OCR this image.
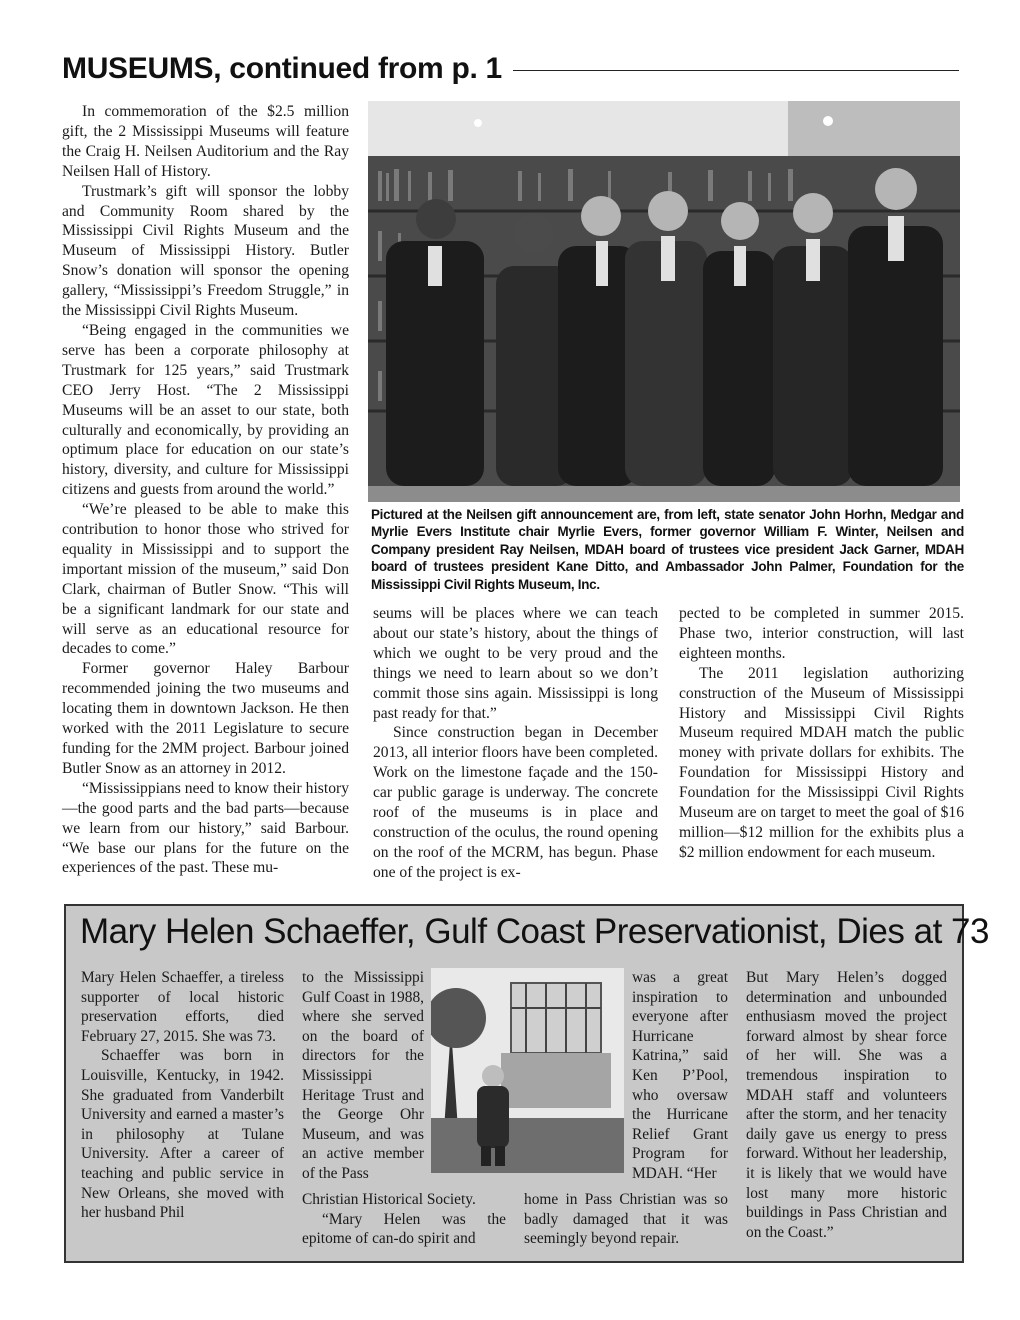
MUSEUMS, continued from p. 1

In commemoration of the $2.5 million gift, the 2 Mississippi Museums will feature the Craig H. Neilsen Auditorium and the Ray Neilsen Hall of History.

Trustmark’s gift will sponsor the lobby and Community Room shared by the Mississippi Civil Rights Museum and the Museum of Mississippi History. Butler Snow’s donation will sponsor the opening gallery, “Mississippi’s Freedom Struggle,” in the Mississippi Civil Rights Museum.

“Being engaged in the communities we serve has been a corporate philosophy at Trustmark for 125 years,” said Trustmark CEO Jerry Host. “The 2 Mississippi Museums will be an asset to our state, both culturally and economically, by providing an optimum place for education on our state’s history, diversity, and culture for Mississippi citizens and guests from around the world.”

“We’re pleased to be able to make this contribution to honor those who strived for equality in Mississippi and to support the important mission of the museum,” said Don Clark, chairman of Butler Snow. “This will be a significant landmark for our state and will serve as an educational resource for decades to come.”

Former governor Haley Barbour recommended joining the two museums and locating them in downtown Jackson. He then worked with the 2011 Legislature to secure funding for the 2MM project. Barbour joined Butler Snow as an attorney in 2012.

“Mississippians need to know their history—the good parts and the bad parts—because we learn from our history,” said Barbour. “We base our plans for the future on the experiences of the past. These mu-

Pictured at the Neilsen gift announcement are, from left, state senator John Horhn, Medgar and Myrlie Evers Institute chair Myrlie Evers, former governor William F. Winter, Neilsen and Company president Ray Neilsen, MDAH board of trustees vice president Jack Garner, MDAH board of trustees president Kane Ditto, and Ambassador John Palmer, Foundation for the Mississippi Civil Rights Museum, Inc.

seums will be places where we can teach about our state’s history, about the things of which we ought to be very proud and the things we need to learn about so we don’t commit those sins again. Mississippi is long past ready for that.”

Since construction began in December 2013, all interior floors have been completed. Work on the limestone façade and the 150-car public garage is underway. The concrete roof of the museums is in place and construction of the oculus, the round opening on the roof of the MCRM, has begun. Phase one of the project is ex-

pected to be completed in summer 2015. Phase two, interior construction, will last eighteen months.

The 2011 legislation authorizing construction of the Museum of Mississippi History and Mississippi Civil Rights Museum required MDAH match the public money with private dollars for exhibits. The Foundation for Mississippi History and Foundation for the Mississippi Civil Rights Museum are on target to meet the goal of $16 million—$12 million for the exhibits plus a $2 million endowment for each museum.

Mary Helen Schaeffer, Gulf Coast Preservationist, Dies at 73

Mary Helen Schaeffer, a tireless supporter of local historic preservation efforts, died February 27, 2015. She was 73.

Schaeffer was born in Louisville, Kentucky, in 1942. She graduated from Vanderbilt University and earned a master’s in philosophy at Tulane University. After a career of teaching and public service in New Orleans, she moved with her husband Phil

to the Mississippi Gulf Coast in 1988, where she served on the board of directors for the Mississippi Heritage Trust and the George Ohr Museum, and was an active member of the Pass

Christian Historical Society.

“Mary Helen was the epitome of can-do spirit and

was a great inspiration to everyone after Hurricane Katrina,” said Ken P’Pool, who oversaw the Hurricane Relief Grant Program for MDAH. “Her

home in Pass Christian was so badly damaged that it was seemingly beyond repair.

But Mary Helen’s dogged determination and unbounded enthusiasm moved the project forward almost by shear force of her will. She was a tremendous inspiration to MDAH staff and volunteers after the storm, and her tenacity daily gave us energy to press forward. Without her leadership, it is likely that we would have lost many more historic buildings in Pass Christian and on the Coast.”
